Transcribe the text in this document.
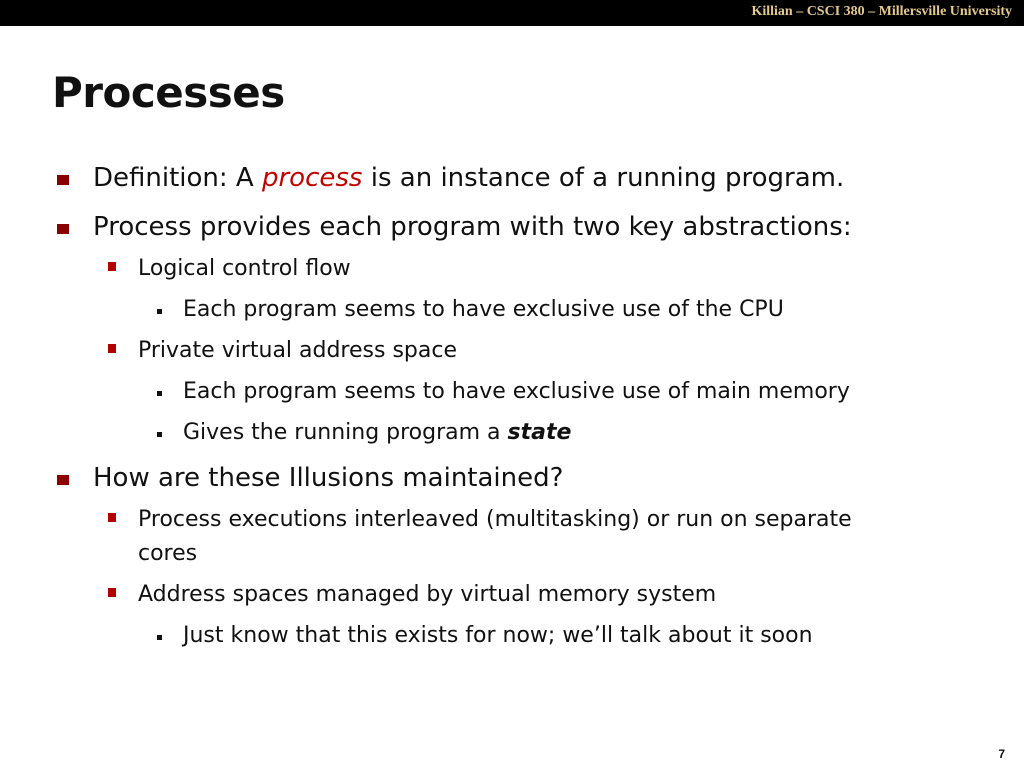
Killian – CSCI 380 – Millersville University
Processes
Definition: A process is an instance of a running program.
Process provides each program with two key abstractions:
Logical control flow
Each program seems to have exclusive use of the CPU
Private virtual address space
Each program seems to have exclusive use of main memory
Gives the running program a state
How are these Illusions maintained?
Process executions interleaved (multitasking) or run on separate cores
Address spaces managed by virtual memory system
Just know that this exists for now; we’ll talk about it soon
7
